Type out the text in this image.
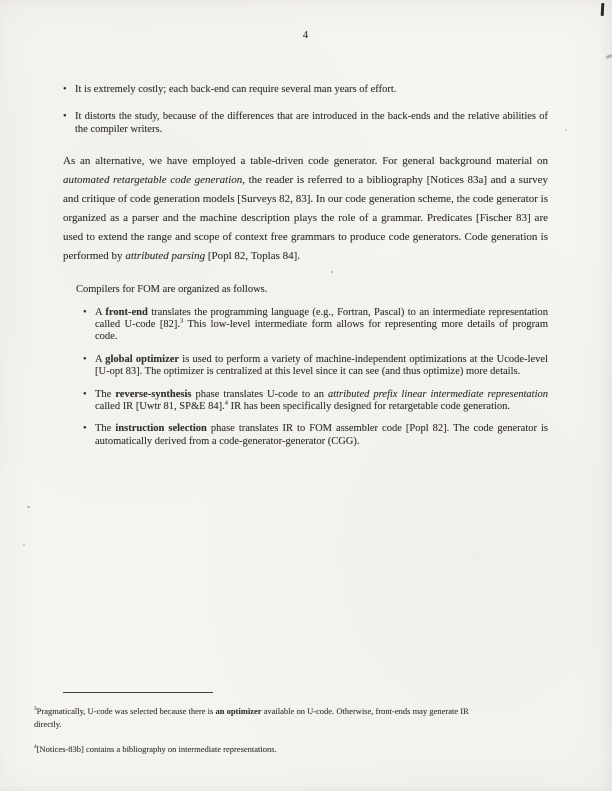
4
• It is extremely costly; each back-end can require several man years of effort.
• It distorts the study, because of the differences that are introduced in the back-ends and the relative abilities of the compiler writers.

As an alternative, we have employed a table-driven code generator. For general background material on automated retargetable code generation, the reader is referred to a bibliography [Notices 83a] and a survey and critique of code generation models [Surveys 82, 83]. In our code generation scheme, the code generator is organized as a parser and the machine description plays the role of a grammar. Predicates [Fischer 83] are used to extend the range and scope of context free grammars to produce code generators. Code generation is performed by attributed parsing [Popl 82, Toplas 84].

Compilers for FOM are organized as follows.
• A front-end translates the programming language (e.g., Fortran, Pascal) to an intermediate representation called U-code [82].$^3$ This low-level intermediate form allows for representing more details of program code.
• A global optimizer is used to perform a variety of machine-independent optimizations at the Ucode-level [U-opt 83]. The optimizer is centralized at this level since it can see (and thus optimize) more details.
• The reverse-synthesis phase translates U-code to an attributed prefix linear intermediate representation called IR [Uwtr 81, SP&E 84].$^4$ IR has been specifically designed for retargetable code generation.
• The instruction selection phase translates IR to FOM assembler code [Popl 82]. The code generator is automatically derived from a code-generator-generator (CGG).
$^3$Pragmatically, U-code was selected because there is an optimizer available on U-code. Otherwise, front-ends may generate IR
directly.
$^4$[Notices-83b] contains a bibliography on intermediate representations.
